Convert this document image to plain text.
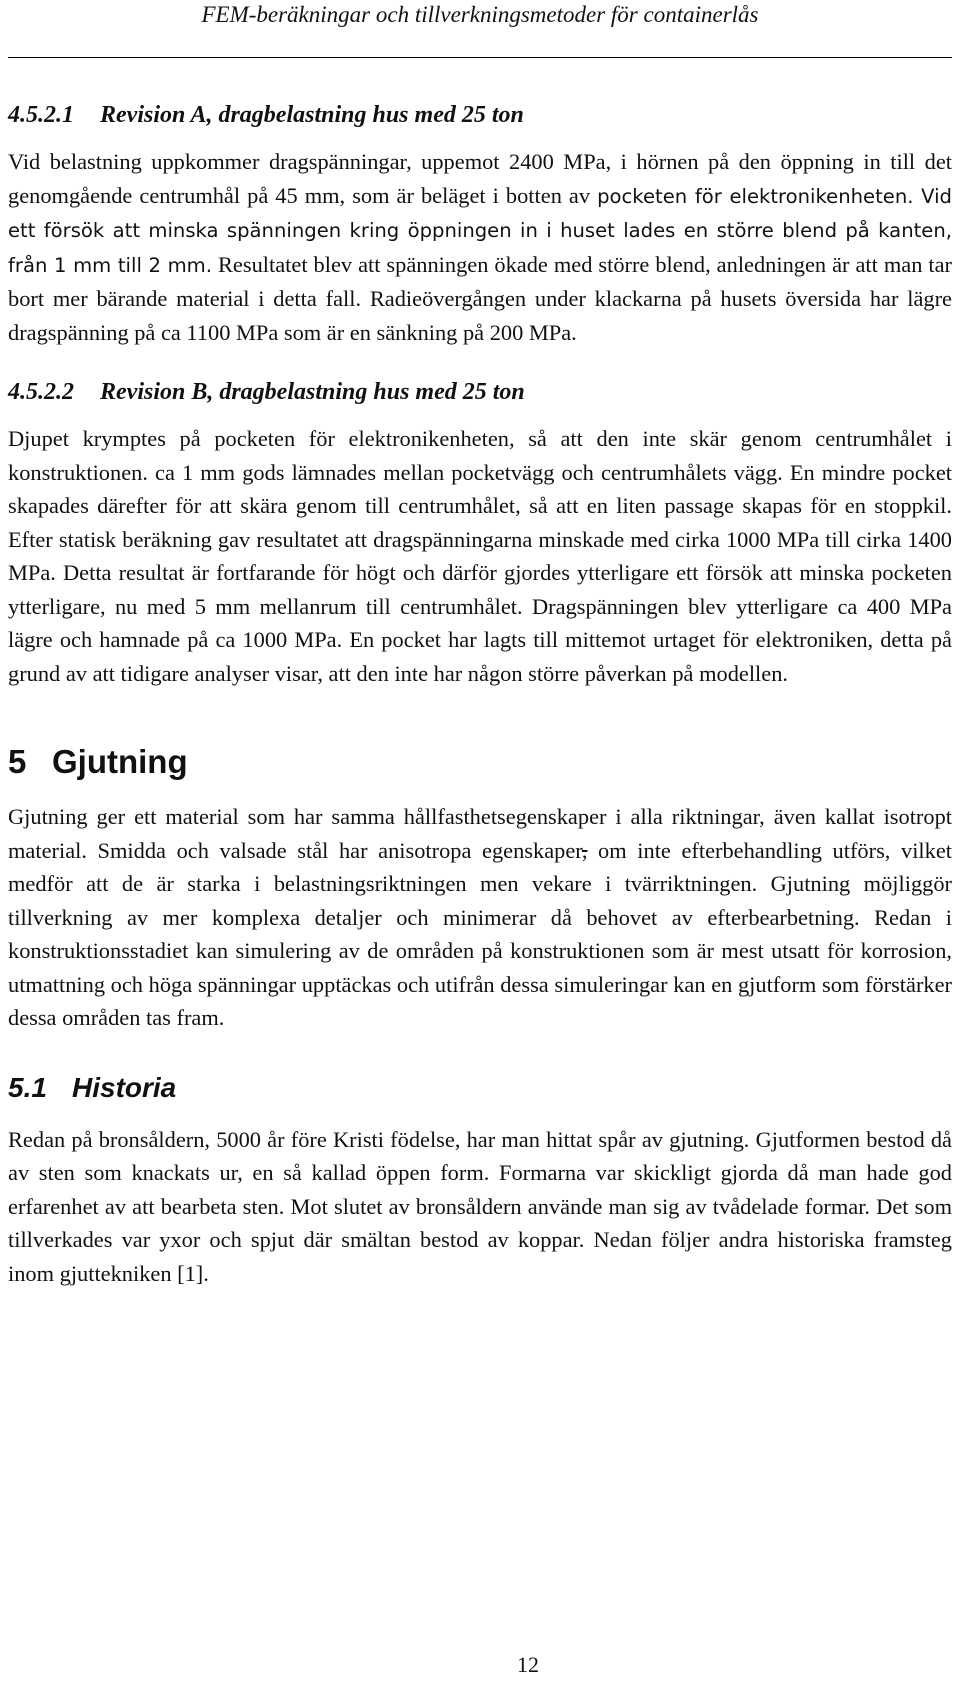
FEM-beräkningar och tillverkningsmetoder för containerlås
4.5.2.1 Revision A, dragbelastning hus med 25 ton

Vid belastning uppkommer dragspänningar, uppemot 2400 MPa, i hörnen på den öppning in till det genomgående centrumhål på 45 mm, som är beläget i botten av pocketen för elektronikenheten. Vid ett försök att minska spänningen kring öppningen in i huset lades en större blend på kanten, från 1 mm till 2 mm. Resultatet blev att spänningen ökade med större blend, anledningen är att man tar bort mer bärande material i detta fall. Radieövergången under klackarna på husets översida har lägre dragspänning på ca 1100 MPa som är en sänkning på 200 MPa.

4.5.2.2 Revision B, dragbelastning hus med 25 ton

Djupet krymptes på pocketen för elektronikenheten, så att den inte skär genom centrumhålet i konstruktionen. ca 1 mm gods lämnades mellan pocketvägg och centrumhålets vägg. En mindre pocket skapades därefter för att skära genom till centrumhålet, så att en liten passage skapas för en stoppkil. Efter statisk beräkning gav resultatet att dragspänningarna minskade med cirka 1000 MPa till cirka 1400 MPa. Detta resultat är fortfarande för högt och därför gjordes ytterligare ett försök att minska pocketen ytterligare, nu med 5 mm mellanrum till centrumhålet. Dragspänningen blev ytterligare ca 400 MPa lägre och hamnade på ca 1000 MPa. En pocket har lagts till mittemot urtaget för elektroniken, detta på grund av att tidigare analyser visar, att den inte har någon större påverkan på modellen.

5 Gjutning

Gjutning ger ett material som har samma hållfasthetsegenskaper i alla riktningar, även kallat isotropt material. Smidda och valsade stål har anisotropa egenskaper, om inte efterbehandling utförs, vilket medför att de är starka i belastningsriktningen men vekare i tvärriktningen. Gjutning möjliggör tillverkning av mer komplexa detaljer och minimerar då behovet av efterbearbetning. Redan i konstruktionsstadiet kan simulering av de områden på konstruktionen som är mest utsatt för korrosion, utmattning och höga spänningar upptäckas och utifrån dessa simuleringar kan en gjutform som förstärker dessa områden tas fram.

5.1 Historia

Redan på bronsåldern, 5000 år före Kristi födelse, har man hittat spår av gjutning. Gjutformen bestod då av sten som knackats ur, en så kallad öppen form. Formarna var skickligt gjorda då man hade god erfarenhet av att bearbeta sten. Mot slutet av bronsåldern använde man sig av tvådelade formar. Det som tillverkades var yxor och spjut där smältan bestod av koppar. Nedan följer andra historiska framsteg inom gjuttekniken [1].

12
